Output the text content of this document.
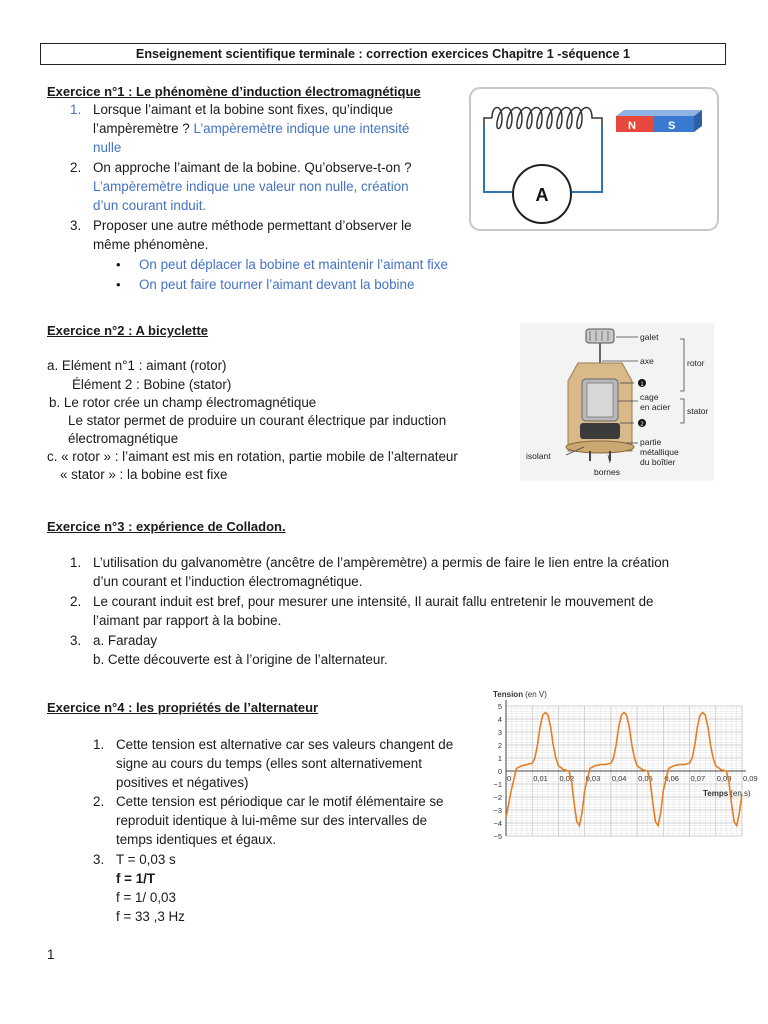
Enseignement scientifique terminale : correction exercices Chapitre 1 -séquence 1
Exercice n°1 : Le phénomène d’induction électromagnétique
1. Lorsque l’aimant et la bobine sont fixes, qu’indique
l’ampèremètre ? L’ampèremètre indique une intensité
nulle
2. On approche l’aimant de la bobine. Qu’observe-t-on ?
L’ampèremètre indique une valeur non nulle, création
d’un courant induit.
3. Proposer une autre méthode permettant d’observer le
même phénomène.
• On peut déplacer la bobine et maintenir l’aimant fixe
• On peut faire tourner l’aimant devant la bobine
A
N	S
Exercice n°2 : A bicyclette
a. Elément n°1 : aimant (rotor)
Élément 2 : Bobine (stator)
b. Le rotor crée un champ électromagnétique
Le stator permet de produire un courant électrique par induction
électromagnétique
c. « rotor » : l’aimant est mis en rotation, partie mobile de l’alternateur
« stator » : la bobine est fixe
1
2
galet
axe	rotor
cage
en acier stator
partie
métallique
du boîtier
isolant
bornes
Exercice n°3 : expérience de Colladon.
1. L’utilisation du galvanomètre (ancêtre de l’ampèremètre) a permis de faire le lien entre la création
d’un courant et l’induction électromagnétique.
2. Le courant induit est bref, pour mesurer une intensité, Il aurait fallu entretenir le mouvement de
l’aimant par rapport à la bobine.
3. a. Faraday
b. Cette découverte est à l’origine de l’alternateur.
Exercice n°4 : les propriétés de l’alternateur
1. Cette tension est alternative car ses valeurs changent de
signe au cours du temps (elles sont alternativement
positives et négatives)
2. Cette tension est périodique car le motif élémentaire se
reproduit identique à lui-même sur des intervalles de
temps identiques et égaux.
3. T = 0,03 s
f = 1/T
f = 1/ 0,03
f = 33 ,3 Hz
5
4
3
2
1
0
−1
−2
−3
−4
−5
0	0,01 0,02 0,03 0,04 0,05 0,06 0,07 0,08 0,09
Tension (en V)
Temps (en s)
1
